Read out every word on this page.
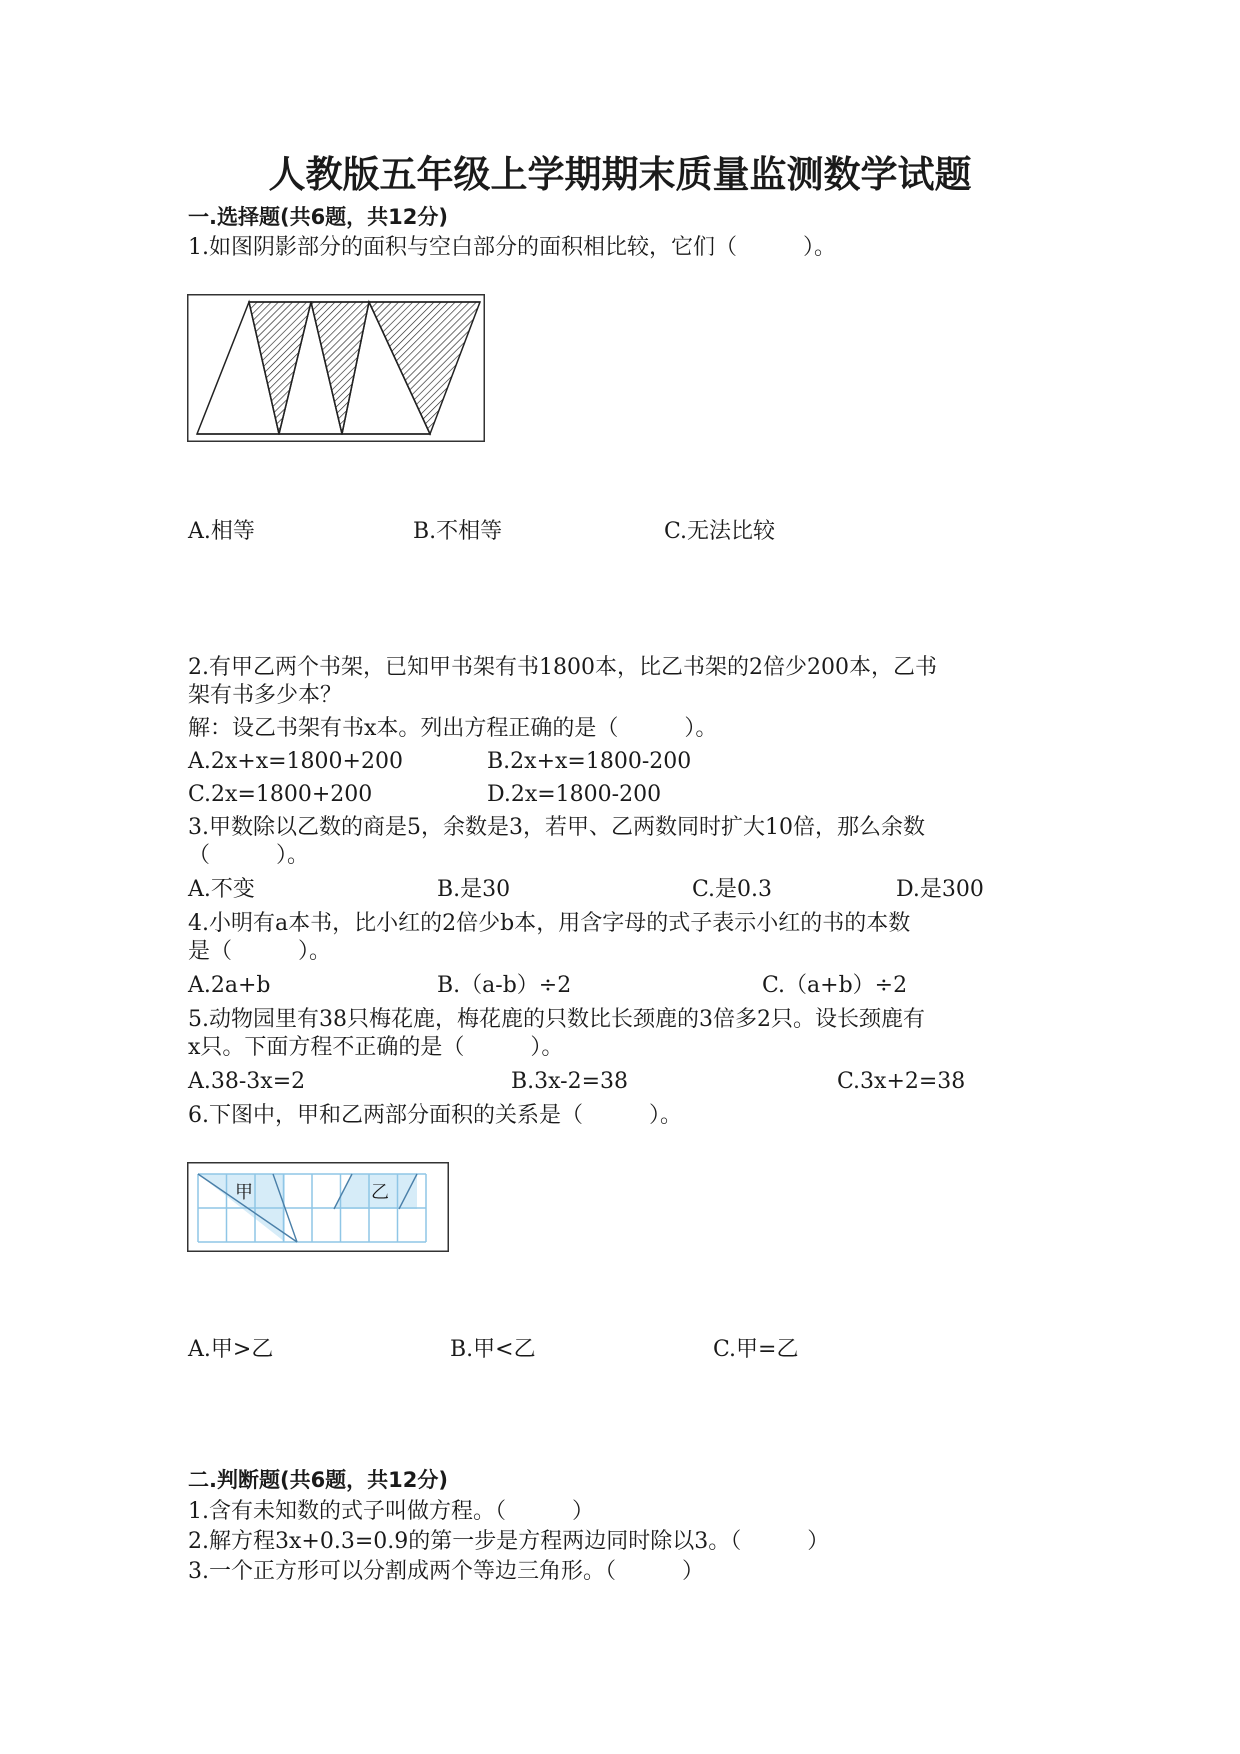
人教版五年级上学期期末质量监测数学试题
一.选择题(共6题，共12分)
1.如图阴影部分的面积与空白部分的面积相比较，它们（　　　）。
A.相等	B.不相等	C.无法比较
2.有甲乙两个书架，已知甲书架有书1800本，比乙书架的2倍少200本，乙书
架有书多少本？
解：设乙书架有书x本。列出方程正确的是（　　　）。
A.2x+x=1800+200	B.2x+x=1800-200
C.2x=1800+200	D.2x=1800-200
3.甲数除以乙数的商是5，余数是3，若甲、乙两数同时扩大10倍，那么余数
（　　　）。
A.不变	B.是30	C.是0.3	D.是300
4.小明有a本书，比小红的2倍少b本，用含字母的式子表示小红的书的本数
是（　　　）。
A.2a+b	B.（a-b）÷2	C.（a+b）÷2
5.动物园里有38只梅花鹿，梅花鹿的只数比长颈鹿的3倍多2只。设长颈鹿有
x只。下面方程不正确的是（　　　）。
A.38-3x=2	B.3x-2=38	C.3x+2=38
6.下图中，甲和乙两部分面积的关系是（　　　）。
甲	乙
A.甲>乙	B.甲<乙	C.甲=乙
二.判断题(共6题，共12分)
1.含有未知数的式子叫做方程。（　　　）
2.解方程3x+0.3=0.9的第一步是方程两边同时除以3。（　　　）
3.一个正方形可以分割成两个等边三角形。（　　　）
